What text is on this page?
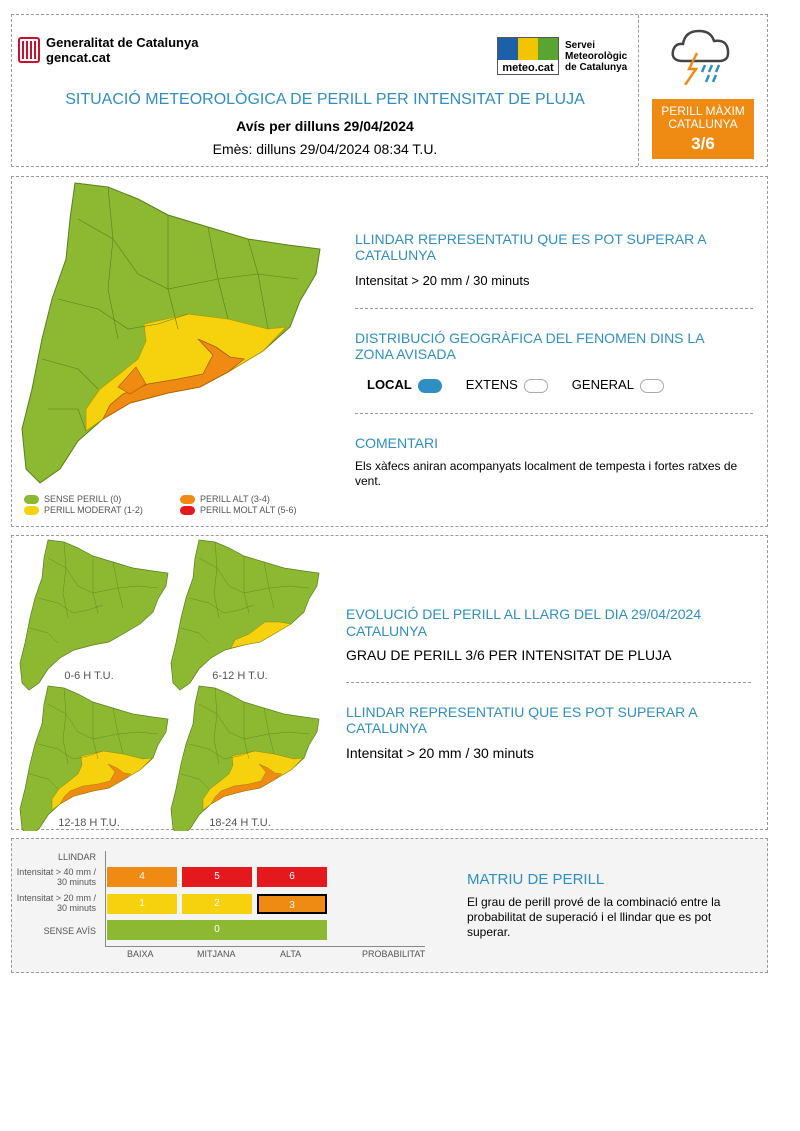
Generalitat de Catalunya
gencat.cat
meteo.cat
Servei
Meteorològic
de Catalunya
SITUACIÓ METEOROLÒGICA DE PERILL PER INTENSITAT DE PLUJA
Avís per dilluns 29/04/2024
Emès: dilluns 29/04/2024 08:34 T.U.
PERILL MÀXIM
CATALUNYA
3/6
SENSE PERILL (0)
PERILL MODERAT (1-2)
PERILL ALT (3-4)
PERILL MOLT ALT (5-6)
LLINDAR REPRESENTATIU QUE ES POT SUPERAR A CATALUNYA
Intensitat > 20 mm / 30 minuts
DISTRIBUCIÓ GEOGRÀFICA DEL FENOMEN DINS LA ZONA AVISADA
LOCAL	EXTENS	GENERAL
COMENTARI
Els xàfecs aniran acompanyats localment de tempesta i fortes ratxes de vent.
0-6 H T.U.	6-12 H T.U.
12-18 H T.U.	18-24 H T.U.
EVOLUCIÓ DEL PERILL AL LLARG DEL DIA 29/04/2024
CATALUNYA
GRAU DE PERILL 3/6 PER INTENSITAT DE PLUJA
LLINDAR REPRESENTATIU QUE ES POT SUPERAR A CATALUNYA
Intensitat > 20 mm / 30 minuts
LLINDAR
Intensitat > 40 mm / 30 minuts
Intensitat > 20 mm / 30 minuts
SENSE AVÍS
4	5	6
1	2	3
0
BAIXA	MITJANA	ALTA	PROBABILITAT
MATRIU DE PERILL
El grau de perill prové de la combinació entre la probabilitat de superació i el llindar que es pot superar.
